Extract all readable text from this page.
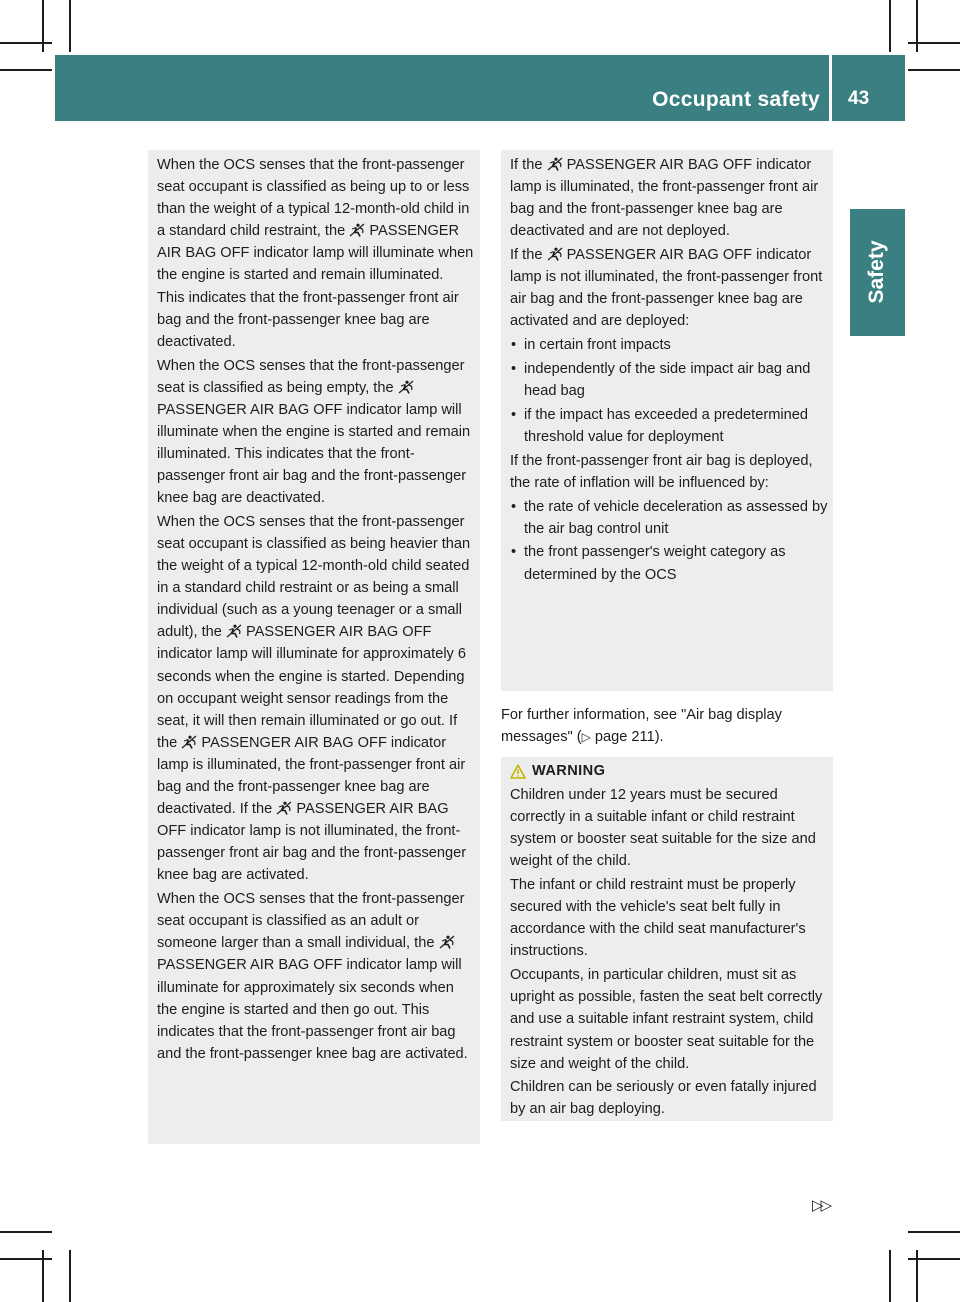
Occupant safety 43
Safety

When the OCS senses that the front-passenger seat occupant is classified as being up to or less than the weight of a typical 12-month-old child in a standard child restraint, the PASSENGER AIR BAG OFF indicator lamp will illuminate when the engine is started and remain illuminated. This indicates that the front-passenger front air bag and the front-passenger knee bag are deactivated.

When the OCS senses that the front-passenger seat is classified as being empty, the  PASSENGER AIR BAG OFF indicator lamp will illuminate when the engine is started and remain illuminated. This indicates that the front-passenger front air bag and the front-passenger knee bag are deactivated.

When the OCS senses that the front-passenger seat occupant is classified as being heavier than the weight of a typical 12-month-old child seated in a standard child restraint or as being a small individual (such as a young teenager or a small adult), the PASSENGER AIR BAG OFF indicator lamp will illuminate for approximately 6 seconds when the engine is started. Depending on occupant weight sensor readings from the seat, it will then remain illuminated or go out. If the PASSENGER AIR BAG OFF indicator lamp is illuminated, the front-passenger front air bag and the front-passenger knee bag are deactivated. If the PASSENGER AIR BAG OFF indicator lamp is not illuminated, the front-passenger front air bag and the front-passenger knee bag are activated.

When the OCS senses that the front-passenger seat occupant is classified as an adult or someone larger than a small individual, the  PASSENGER AIR BAG OFF indicator lamp will illuminate for approximately six seconds when the engine is started and then go out. This indicates that the front-passenger front air bag and the front-passenger knee bag are activated.

If the PASSENGER AIR BAG OFF indicator lamp is illuminated, the front-passenger front air bag and the front-passenger knee bag are deactivated and are not deployed.

If the PASSENGER AIR BAG OFF indicator lamp is not illuminated, the front-passenger front air bag and the front-passenger knee bag are activated and are deployed:

• in certain front impacts
• independently of the side impact air bag and head bag
• if the impact has exceeded a predetermined threshold value for deployment

If the front-passenger front air bag is deployed, the rate of inflation will be influenced by:

• the rate of vehicle deceleration as assessed by the air bag control unit
• the front passenger's weight category as determined by the OCS

For further information, see "Air bag display messages" (▷ page 211).

WARNING

Children under 12 years must be secured correctly in a suitable infant or child restraint system or booster seat suitable for the size and weight of the child.

The infant or child restraint must be properly secured with the vehicle's seat belt fully in accordance with the child seat manufacturer's instructions.

Occupants, in particular children, must sit as upright as possible, fasten the seat belt correctly and use a suitable infant restraint system, child restraint system or booster seat suitable for the size and weight of the child.

Children can be seriously or even fatally injured by an air bag deploying.

▷▷
